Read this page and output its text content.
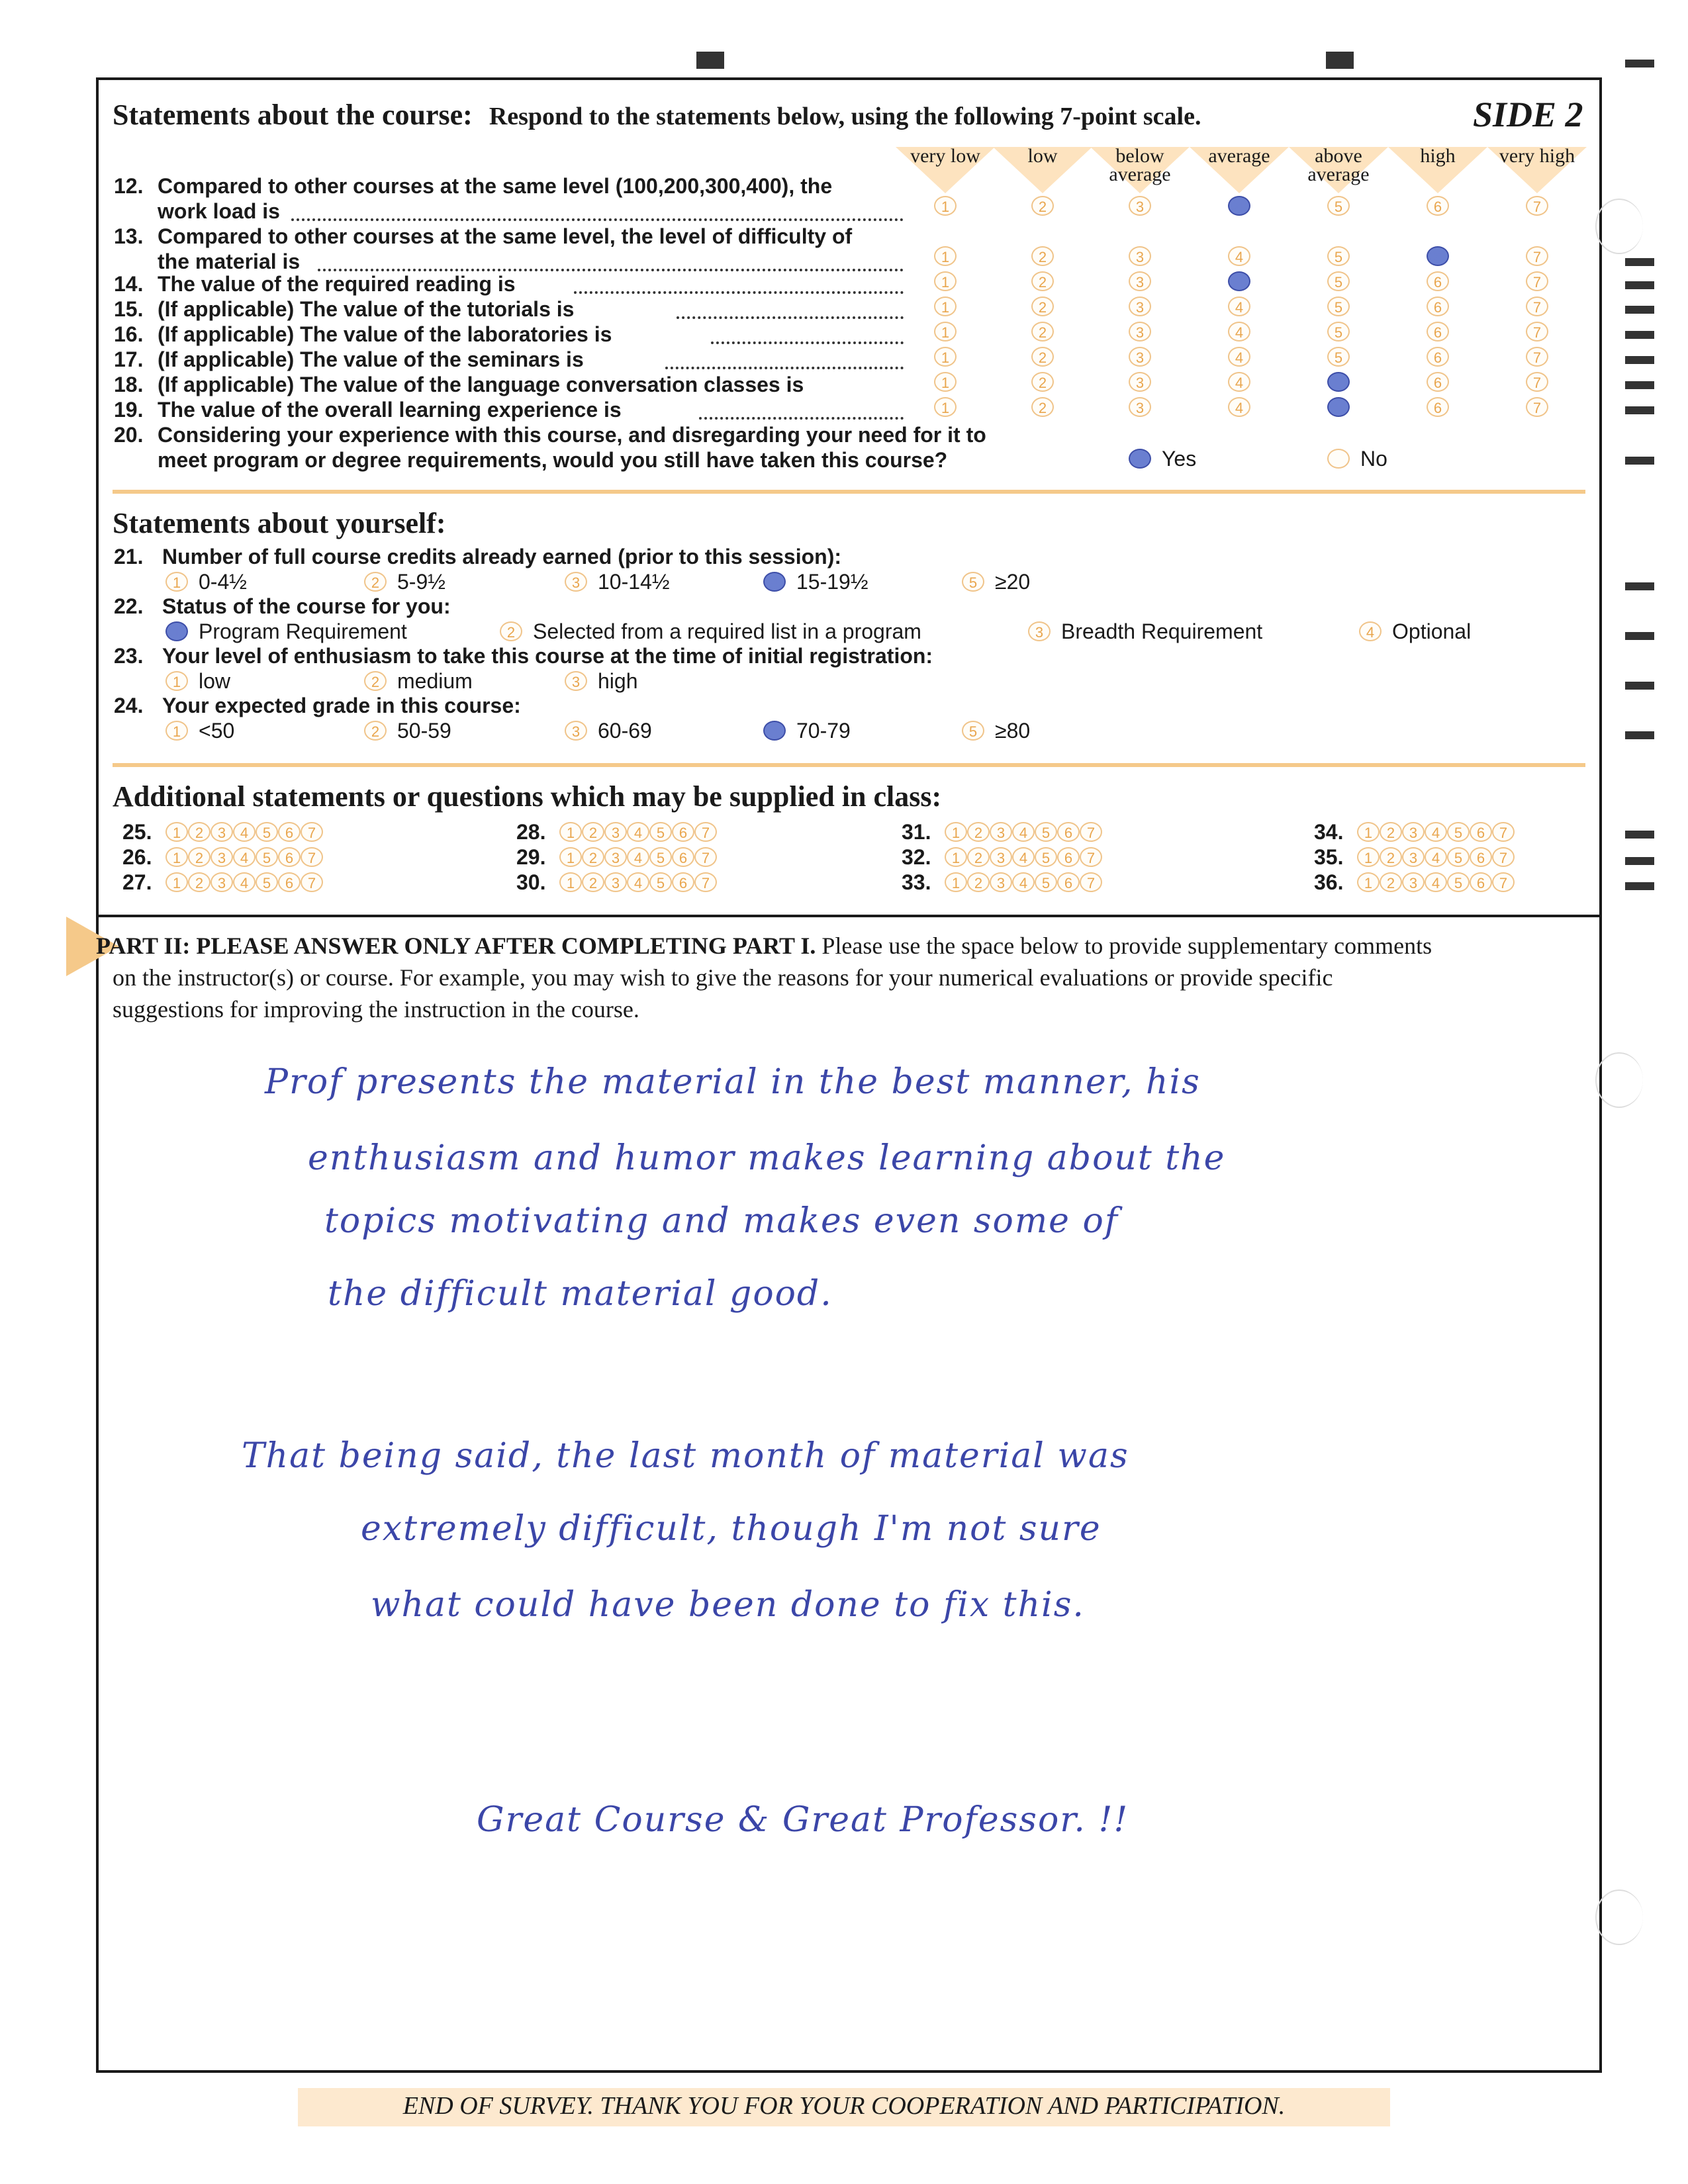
Statements about the course: Respond to the statements below, using the following 7-point scale.	SIDE 2
very low	low	below average
average	above average
high	very high
12. Compared to other courses at the same level (100,200,300,400), the
work load is	1	2	3	4	5	6	7
13. Compared to other courses at the same level, the level of difficulty of
the material is	1	2	3	4	5	6	7
14. The value of the required reading is	1	2	3	4	5	6	7
15. (If applicable) The value of the tutorials is	1	2	3	4	5	6	7
16. (If applicable) The value of the laboratories is	1	2	3	4	5	6	7
17. (If applicable) The value of the seminars is	1	2	3	4	5	6	7
18. (If applicable) The value of the language conversation classes is	1	2	3	4	5	6	7
19. The value of the overall learning experience is	1	2	3	4	5	6	7
20. Considering your experience with this course, and disregarding your need for it to
meet program or degree requirements, would you still have taken this course?	Yes	No
Statements about yourself:
21. Number of full course credits already earned (prior to this session):
1 0-4½	2 5-9½	3 10-14½	4 15-19½	5 ≥20
22. Status of the course for you:
1 Program Requirement	2 Selected from a required list in a program	3 Breadth Requirement	4 Optional
23. Your level of enthusiasm to take this course at the time of initial registration:
1 low	2 medium	3 high
24. Your expected grade in this course:
1 <50	2 50-59	3 60-69	4 70-79	5 ≥80
Additional statements or questions which may be supplied in class:
25.	1 2 3 4 5 6 7
26.	1 2 3 4 5 6 7
27.	1 2 3 4 5 6 7
28.	1 2 3 4 5 6 7
29.	1 2 3 4 5 6 7
30.	1 2 3 4 5 6 7
31.	1 2 3 4 5 6 7
32.	1 2 3 4 5 6 7
33.	1 2 3 4 5 6 7
34.	1 2 3 4 5 6 7
35.	1 2 3 4 5 6 7
36.	1 2 3 4 5 6 7
PART II: PLEASE ANSWER ONLY AFTER COMPLETING PART I. Please use the space below to provide supplementary comments
on the instructor(s) or course. For example, you may wish to give the reasons for your numerical evaluations or provide specific
suggestions for improving the instruction in the course.
Prof presents the material in the best manner, his
enthusiasm and humor makes learning about the
topics motivating and makes even some of
the difficult material good.
That being said, the last month of material was
extremely difficult, though I'm not sure
what could have been done to fix this.
Great Course & Great Professor. !!
END OF SURVEY. THANK YOU FOR YOUR COOPERATION AND PARTICIPATION.
